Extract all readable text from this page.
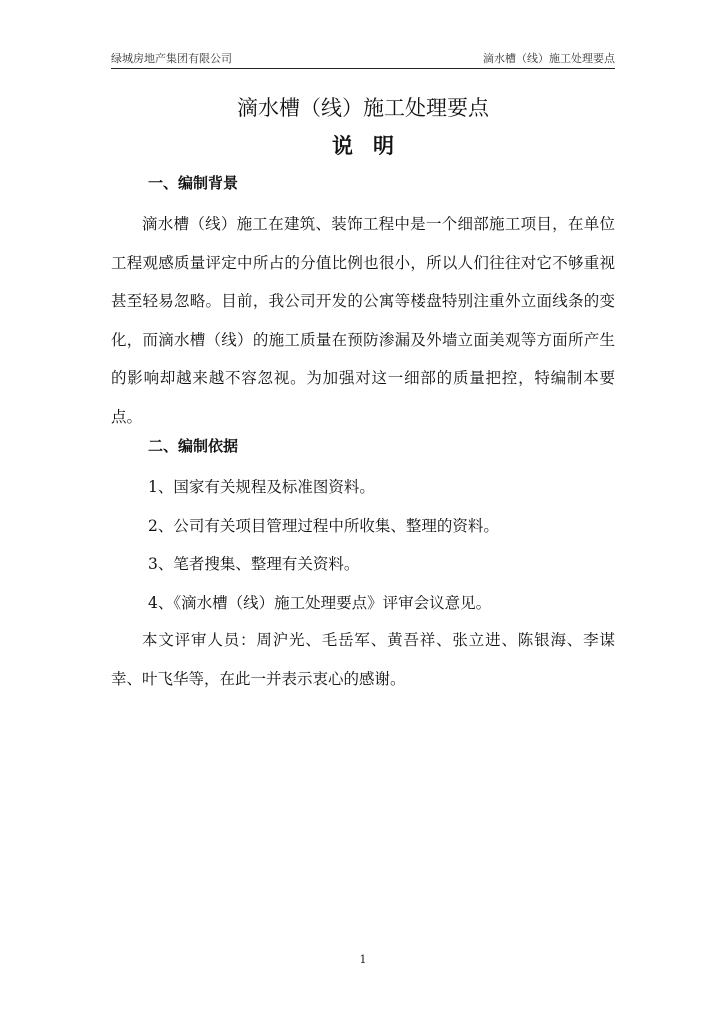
绿城房地产集团有限公司	滴水槽（线）施工处理要点
滴水槽（线）施工处理要点
说明
一、编制背景
滴水槽（线）施工在建筑、装饰工程中是一个细部施工项目，在单位工程观感质量评定中所占的分值比例也很小，所以人们往往对它不够重视甚至轻易忽略。目前，我公司开发的公寓等楼盘特别注重外立面线条的变化，而滴水槽（线）的施工质量在预防渗漏及外墙立面美观等方面所产生的影响却越来越不容忽视。为加强对这一细部的质量把控，特编制本要点。
二、编制依据
1、国家有关规程及标准图资料。
2、公司有关项目管理过程中所收集、整理的资料。
3、笔者搜集、整理有关资料。
4、《滴水槽（线）施工处理要点》评审会议意见。
本文评审人员：周沪光、毛岳军、黄吾祥、张立进、陈银海、李谋幸、叶飞华等，在此一并表示衷心的感谢。
1
